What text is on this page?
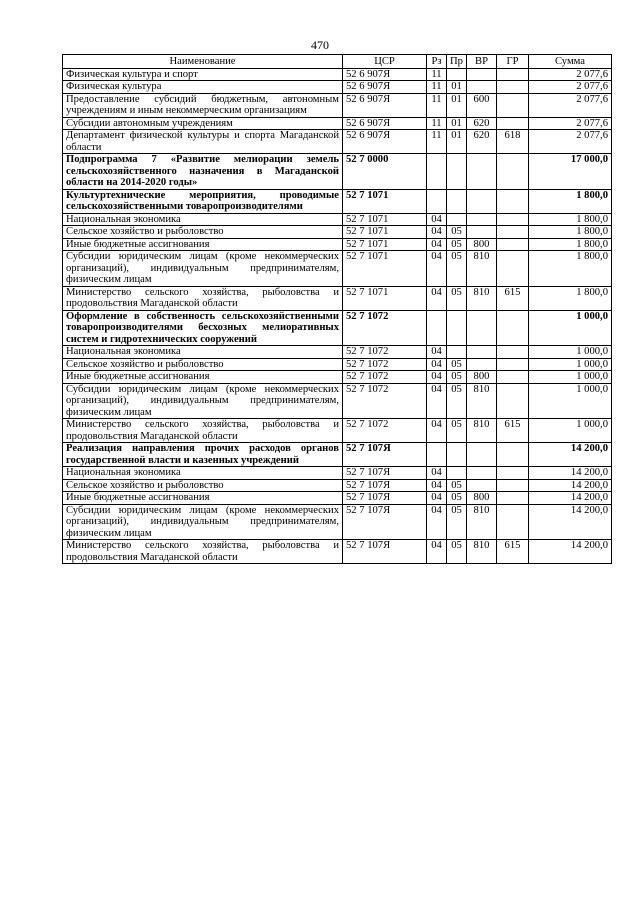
470
Наименование	ЦСР	Рз	Пр	ВР	ГР	Сумма
Физическая культура и спорт	52 6 907Я	11				2 077,6
Физическая культура	52 6 907Я	11	01			2 077,6
Предоставление субсидий бюджетным, автономным учреждениям и иным некоммерческим организациям	52 6 907Я	11	01	600		2 077,6
Субсидии автономным учреждениям	52 6 907Я	11	01	620		2 077,6
Департамент физической культуры и спорта Магаданской области	52 6 907Я	11	01	620	618	2 077,6
Подпрограмма 7 «Развитие мелиорации земель сельскохозяйственного назначения в Магаданской области на 2014-2020 годы»	52 7 0000					17 000,0
Культуртехнические мероприятия, проводимые сельскохозяйственными товаропроизводителями	52 7 1071					1 800,0
Национальная экономика	52 7 1071	04				1 800,0
Сельское хозяйство и рыболовство	52 7 1071	04	05			1 800,0
Иные бюджетные ассигнования	52 7 1071	04	05	800		1 800,0
Субсидии юридическим лицам (кроме некоммерческих организаций), индивидуальным предпринимателям, физическим лицам	52 7 1071	04	05	810		1 800,0
Министерство сельского хозяйства, рыболовства и продовольствия Магаданской области	52 7 1071	04	05	810	615	1 800,0
Оформление в собственность сельскохозяйственными товаропроизводителями бесхозных мелиоративных систем и гидротехнических сооружений	52 7 1072					1 000,0
Национальная экономика	52 7 1072	04				1 000,0
Сельское хозяйство и рыболовство	52 7 1072	04	05			1 000,0
Иные бюджетные ассигнования	52 7 1072	04	05	800		1 000,0
Субсидии юридическим лицам (кроме некоммерческих организаций), индивидуальным предпринимателям, физическим лицам	52 7 1072	04	05	810		1 000,0
Министерство сельского хозяйства, рыболовства и продовольствия Магаданской области	52 7 1072	04	05	810	615	1 000,0
Реализация направления прочих расходов органов государственной власти и казенных учреждений	52 7 107Я					14 200,0
Национальная экономика	52 7 107Я	04				14 200,0
Сельское хозяйство и рыболовство	52 7 107Я	04	05			14 200,0
Иные бюджетные ассигнования	52 7 107Я	04	05	800		14 200,0
Субсидии юридическим лицам (кроме некоммерческих организаций), индивидуальным предпринимателям, физическим лицам	52 7 107Я	04	05	810		14 200,0
Министерство сельского хозяйства, рыболовства и продовольствия Магаданской области	52 7 107Я	04	05	810	615	14 200,0
